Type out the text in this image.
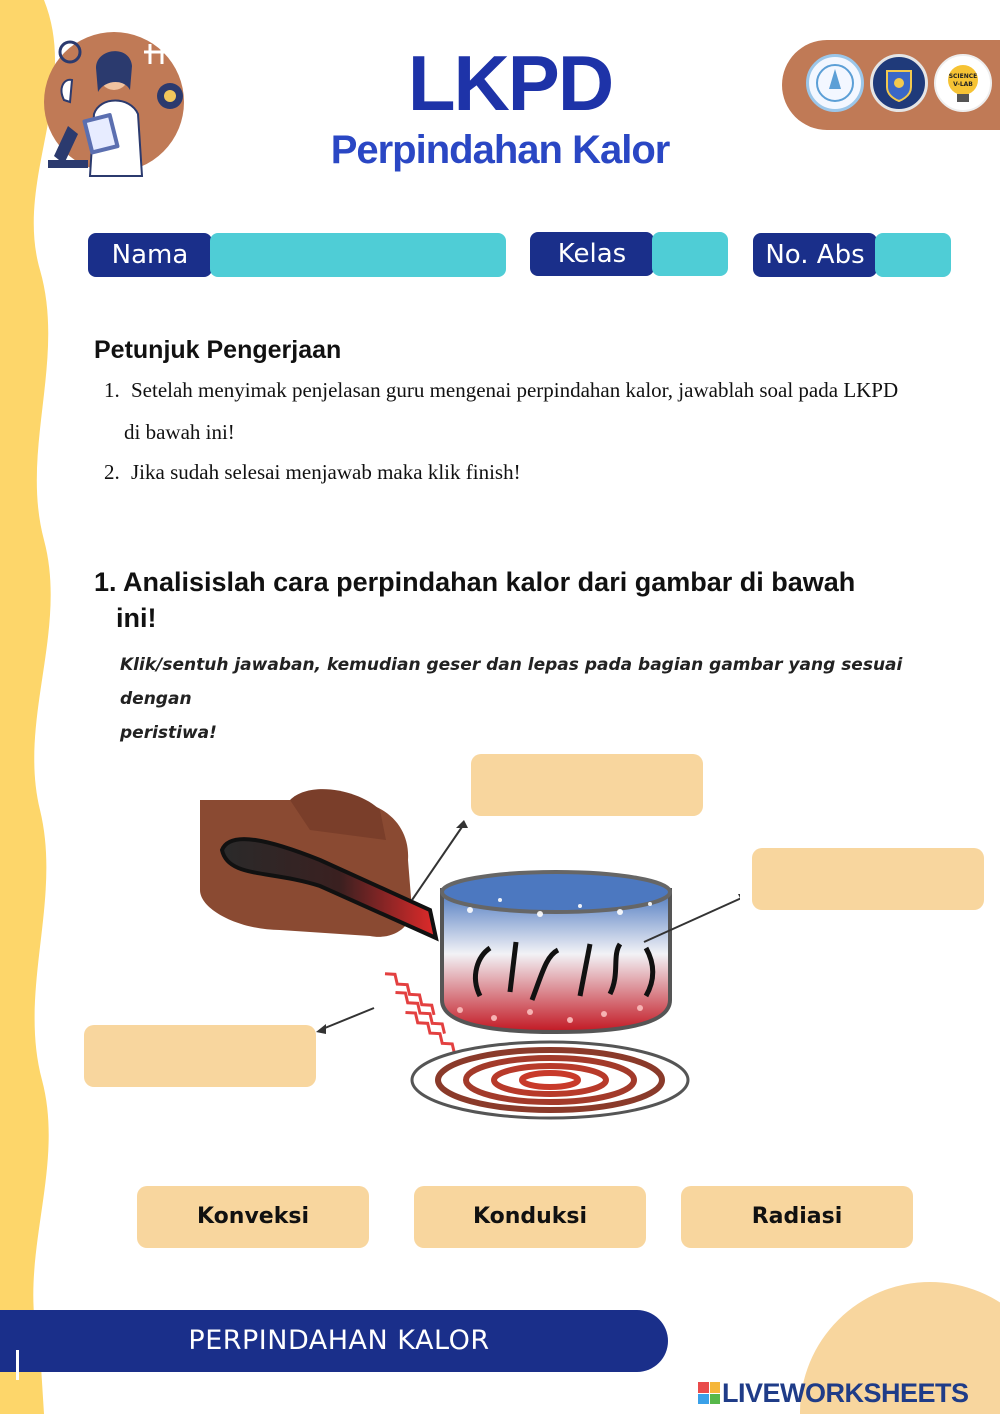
LKPD
Perpindahan Kalor
SCIENCE
V-LAB
Nama	Kelas	No. Abs
Petunjuk Pengerjaan
1. Setelah menyimak penjelasan guru mengenai perpindahan kalor, jawablah soal pada LKPD
di bawah ini!
2. Jika sudah selesai menjawab maka klik finish!
1. Analisislah cara perpindahan kalor dari gambar di bawah
ini!
Klik/sentuh jawaban, kemudian geser dan lepas pada bagian gambar yang sesuai dengan
peristiwa!
Konveksi	Konduksi	Radiasi
PERPINDAHAN KALOR
LIVEWORKSHEETS
